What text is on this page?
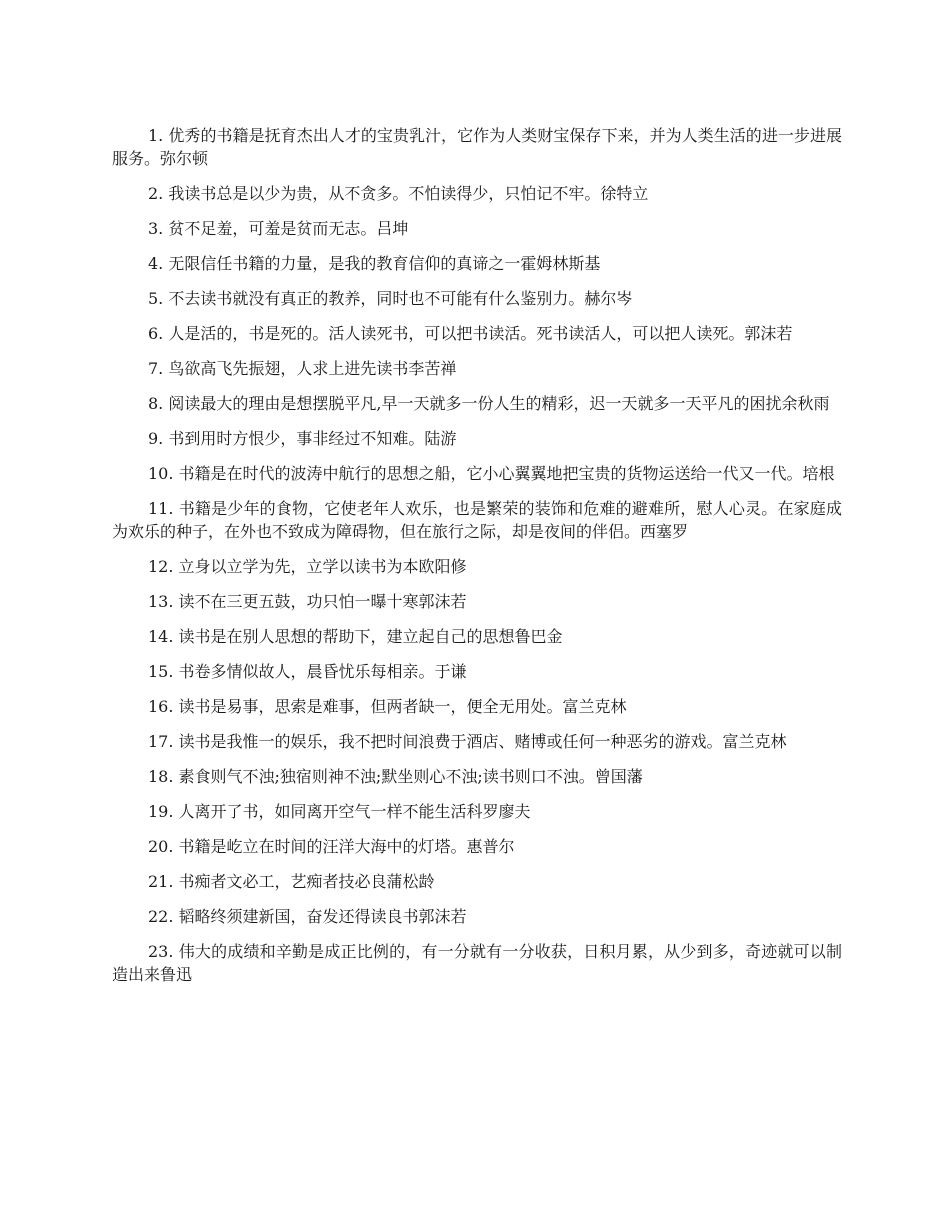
1. 优秀的书籍是抚育杰出人才的宝贵乳汁，它作为人类财宝保存下来，并为人类生活的进一步进展服务。弥尔顿

2. 我读书总是以少为贵，从不贪多。不怕读得少，只怕记不牢。徐特立

3. 贫不足羞，可羞是贫而无志。吕坤

4. 无限信任书籍的力量，是我的教育信仰的真谛之一霍姆林斯基

5. 不去读书就没有真正的教养，同时也不可能有什么鉴别力。赫尔岑

6. 人是活的，书是死的。活人读死书，可以把书读活。死书读活人，可以把人读死。郭沫若

7. 鸟欲高飞先振翅，人求上进先读书李苦禅

8. 阅读最大的理由是想摆脱平凡,早一天就多一份人生的精彩，迟一天就多一天平凡的困扰余秋雨

9. 书到用时方恨少，事非经过不知难。陆游

10. 书籍是在时代的波涛中航行的思想之船，它小心翼翼地把宝贵的货物运送给一代又一代。培根

11. 书籍是少年的食物，它使老年人欢乐，也是繁荣的装饰和危难的避难所，慰人心灵。在家庭成为欢乐的种子，在外也不致成为障碍物，但在旅行之际，却是夜间的伴侣。西塞罗

12. 立身以立学为先，立学以读书为本欧阳修

13. 读不在三更五鼓，功只怕一曝十寒郭沫若

14. 读书是在别人思想的帮助下，建立起自己的思想鲁巴金

15. 书卷多情似故人，晨昏忧乐每相亲。于谦

16. 读书是易事，思索是难事，但两者缺一，便全无用处。富兰克林

17. 读书是我惟一的娱乐，我不把时间浪费于酒店、赌博或任何一种恶劣的游戏。富兰克林

18. 素食则气不浊;独宿则神不浊;默坐则心不浊;读书则口不浊。曾国藩

19. 人离开了书，如同离开空气一样不能生活科罗廖夫

20. 书籍是屹立在时间的汪洋大海中的灯塔。惠普尔

21. 书痴者文必工，艺痴者技必良蒲松龄

22. 韬略终须建新国，奋发还得读良书郭沫若

23. 伟大的成绩和辛勤是成正比例的，有一分就有一分收获，日积月累，从少到多，奇迹就可以制造出来鲁迅
